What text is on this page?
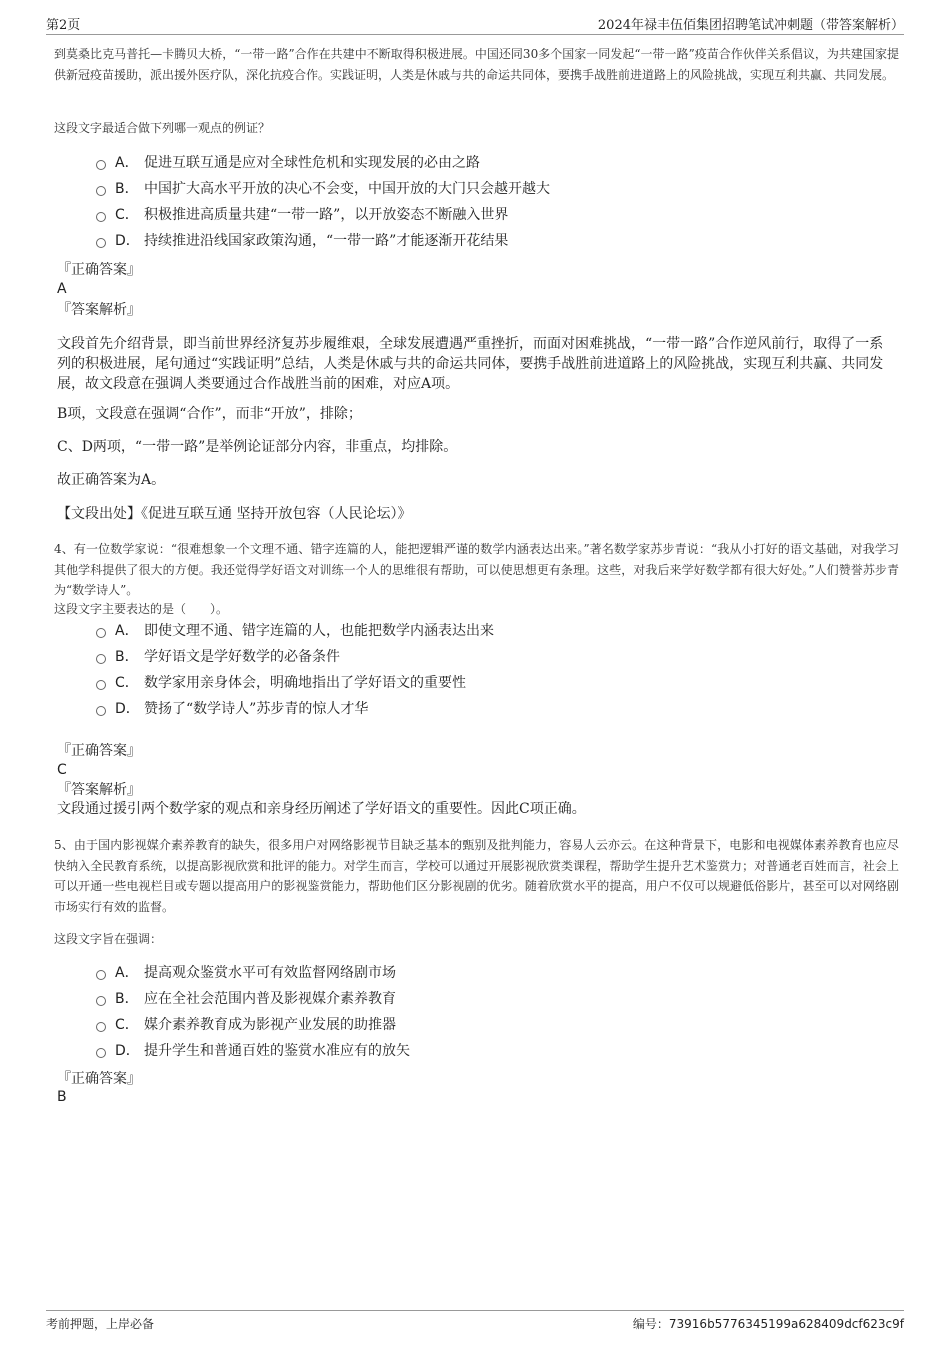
第2页	2024年禄丰伍佰集团招聘笔试冲刺题（带答案解析）
到莫桑比克马普托—卡腾贝大桥，“一带一路”合作在共建中不断取得积极进展。中国还同30多个国家一同发起“一带一路”疫苗合作伙伴关系倡议，为共建国家提供新冠疫苗援助，派出援外医疗队，深化抗疫合作。实践证明，人类是休戚与共的命运共同体，要携手战胜前进道路上的风险挑战，实现互利共赢、共同发展。
这段文字最适合做下列哪一观点的例证？
A． 促进互联互通是应对全球性危机和实现发展的必由之路
B． 中国扩大高水平开放的决心不会变，中国开放的大门只会越开越大
C． 积极推进高质量共建“一带一路”，以开放姿态不断融入世界
D． 持续推进沿线国家政策沟通，“一带一路”才能逐渐开花结果
『正确答案』
A
『答案解析』
文段首先介绍背景，即当前世界经济复苏步履维艰，全球发展遭遇严重挫折，而面对困难挑战，“一带一路”合作逆风前行，取得了一系列的积极进展，尾句通过“实践证明”总结，人类是休戚与共的命运共同体，要携手战胜前进道路上的风险挑战，实现互利共赢、共同发展，故文段意在强调人类要通过合作战胜当前的困难，对应A项。
B项，文段意在强调“合作”，而非“开放”，排除；
C、D两项，“一带一路”是举例论证部分内容，非重点，均排除。
故正确答案为A。
【文段出处】《促进互联互通 坚持开放包容（人民论坛）》
4、有一位数学家说：“很难想象一个文理不通、错字连篇的人，能把逻辑严谨的数学内涵表达出来。”著名数学家苏步青说：“我从小打好的语文基础，对我学习其他学科提供了很大的方便。我还觉得学好语文对训练一个人的思维很有帮助，可以使思想更有条理。这些，对我后来学好数学都有很大好处。”人们赞誉苏步青为“数学诗人”。
这段文字主要表达的是（　　）。
A． 即使文理不通、错字连篇的人，也能把数学内涵表达出来
B． 学好语文是学好数学的必备条件
C． 数学家用亲身体会，明确地指出了学好语文的重要性
D． 赞扬了“数学诗人”苏步青的惊人才华
『正确答案』
C
『答案解析』
文段通过援引两个数学家的观点和亲身经历阐述了学好语文的重要性。因此C项正确。
5、由于国内影视媒介素养教育的缺失，很多用户对网络影视节目缺乏基本的甄别及批判能力，容易人云亦云。在这种背景下，电影和电视媒体素养教育也应尽快纳入全民教育系统，以提高影视欣赏和批评的能力。对学生而言，学校可以通过开展影视欣赏类课程，帮助学生提升艺术鉴赏力；对普通老百姓而言，社会上可以开通一些电视栏目或专题以提高用户的影视鉴赏能力，帮助他们区分影视剧的优劣。随着欣赏水平的提高，用户不仅可以规避低俗影片，甚至可以对网络剧市场实行有效的监督。
这段文字旨在强调：
A． 提高观众鉴赏水平可有效监督网络剧市场
B． 应在全社会范围内普及影视媒介素养教育
C． 媒介素养教育成为影视产业发展的助推器
D． 提升学生和普通百姓的鉴赏水准应有的放矢
『正确答案』
B
考前押题，上岸必备	编号：73916b5776345199a628409dcf623c9f
